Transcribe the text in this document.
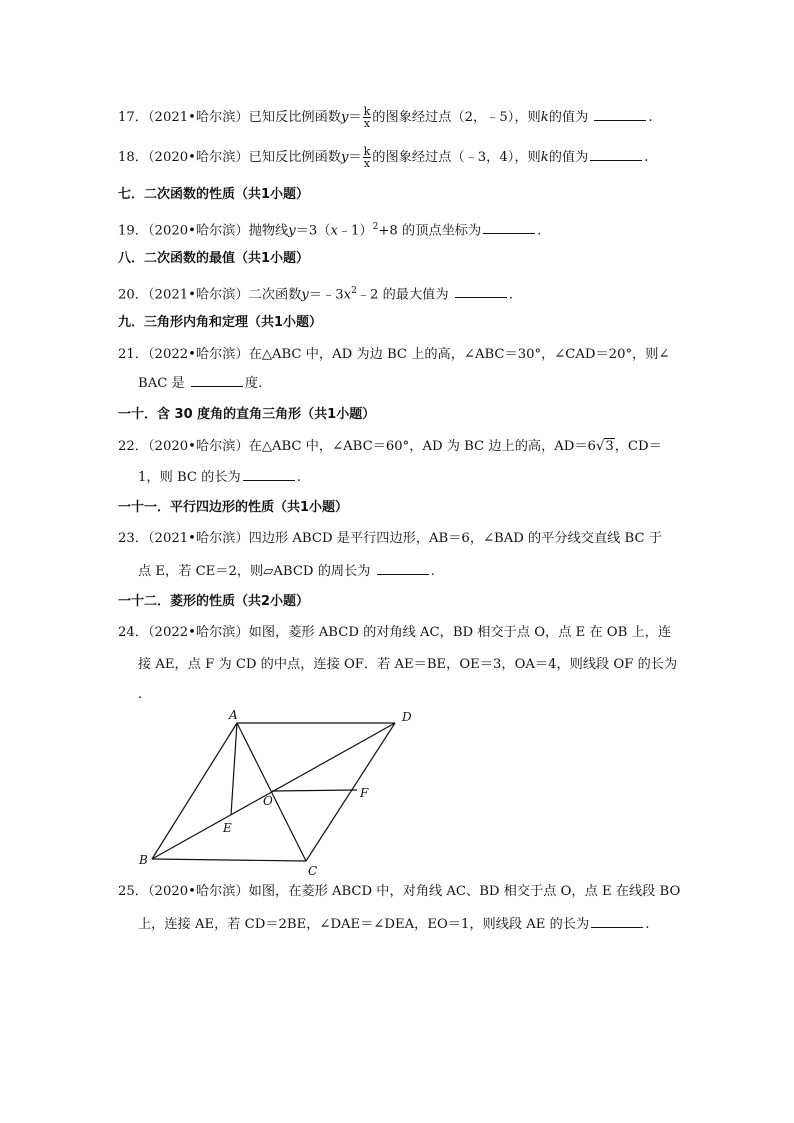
17．（2021•哈尔滨）已知反比例函数$y= \frac{k}{x}$ 的图象经过点（2，﹣5），则k的值为	.
18．（2020•哈尔滨）已知反比例函数$y= \frac{k}{x}$ 的图象经过点（﹣3，4），则k的值为	.
七．二次函数的性质（共1小题）
19．（2020•哈尔滨）抛物线y＝3（x﹣1）$^2$+8 的顶点坐标为	.
八．二次函数的最值（共1小题）
20．（2021•哈尔滨）二次函数$y=﹣3x^2﹣2$ 的最大值为	.
九．三角形内角和定理（共1小题）
21．（2022•哈尔滨）在△ABC 中，AD 为边 BC 上的高，∠ABC＝30°，∠CAD＝20°，则∠
BAC 是	度.
一十．含 30 度角的直角三角形（共1小题）
22．（2020•哈尔滨）在△ABC 中，∠ABC＝60°，AD 为 BC 边上的高，AD＝6√3，CD＝
1，则 BC 的长为	.
一十一．平行四边形的性质（共1小题）
23．（2021•哈尔滨）四边形 ABCD 是平行四边形，AB＝6，∠BAD 的平分线交直线 BC 于
点 E，若 CE＝2，则▱ABCD 的周长为	.
一十二．菱形的性质（共2小题）
24．（2022•哈尔滨）如图，菱形 ABCD 的对角线 AC，BD 相交于点 O，点 E 在 OB 上，连
接 AE，点 F 为 CD 的中点，连接 OF．若 AE＝BE，OE＝3，OA＝4，则线段 OF 的长为
.
A	D
B
C
E
F
O
25．（2020•哈尔滨）如图，在菱形 ABCD 中，对角线 AC、BD 相交于点 O，点 E 在线段 BO
上，连接 AE，若 CD＝2BE，∠DAE＝∠DEA，EO＝1，则线段 AE 的长为	.
